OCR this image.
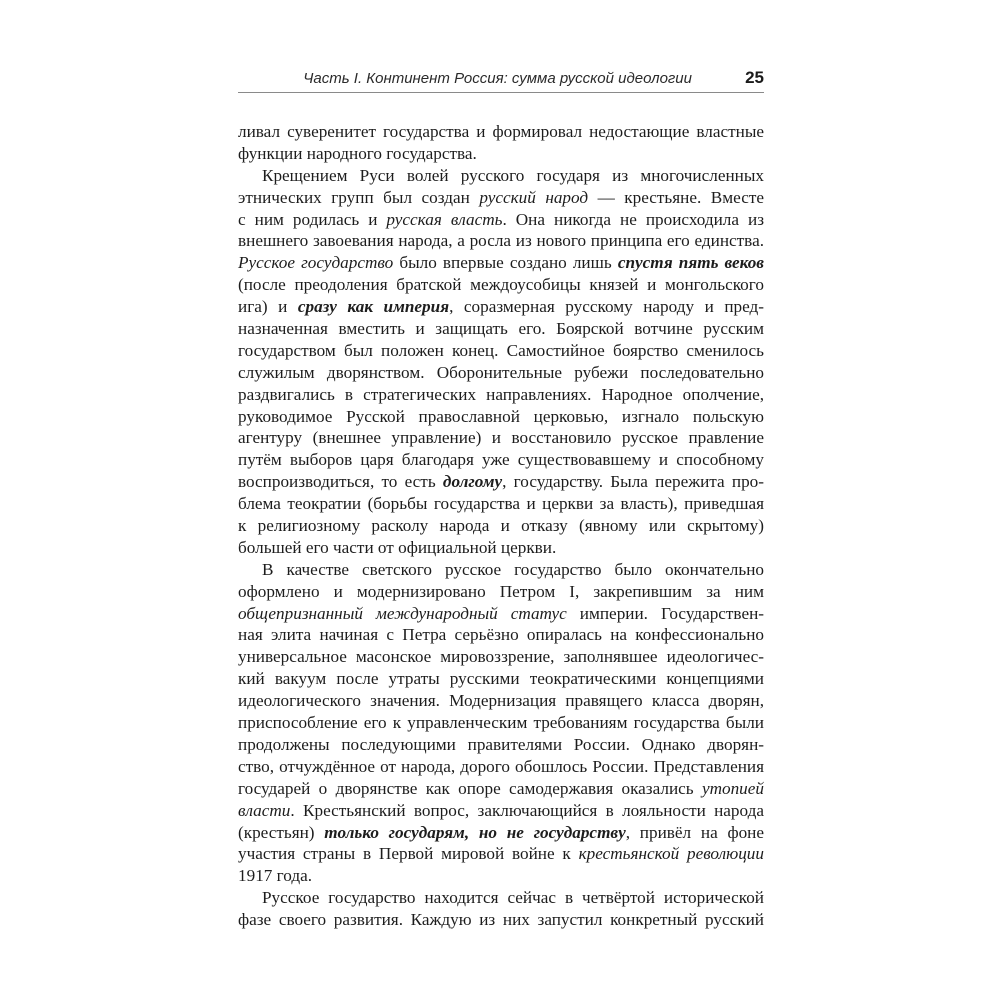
Часть I. Континент Россия: сумма русской идеологии	25
ливал суверенитет государства и формировал недостающие властные
функции народного государства.
Крещением Руси волей русского государя из многочисленных
этнических групп был создан русский народ — крестьяне. Вместе
с ним родилась и русская власть. Она никогда не происходила из
внешнего завоевания народа, а росла из нового принципа его единства.
Русское государство было впервые создано лишь спустя пять веков
(после преодоления братской междоусобицы князей и монгольского
ига) и сразу как империя, соразмерная русскому народу и пред-
назначенная вместить и защищать его. Боярской вотчине русским
государством был положен конец. Самостийное боярство сменилось
служилым дворянством. Оборонительные рубежи последовательно
раздвигались в стратегических направлениях. Народное ополчение,
руководимое Русской православной церковью, изгнало польскую
агентуру (внешнее управление) и восстановило русское правление
путём выборов царя благодаря уже существовавшему и способному
воспроизводиться, то есть долгому, государству. Была пережита про-
блема теократии (борьбы государства и церкви за власть), приведшая
к религиозному расколу народа и отказу (явному или скрытому)
большей его части от официальной церкви.
В качестве светского русское государство было окончательно
оформлено и модернизировано Петром I, закрепившим за ним
общепризнанный международный статус империи. Государствен-
ная элита начиная с Петра серьёзно опиралась на конфессионально
универсальное масонское мировоззрение, заполнявшее идеологичес-
кий вакуум после утраты русскими теократическими концепциями
идеологического значения. Модернизация правящего класса дворян,
приспособление его к управленческим требованиям государства были
продолжены последующими правителями России. Однако дворян-
ство, отчуждённое от народа, дорого обошлось России. Представления
государей о дворянстве как опоре самодержавия оказались утопией
власти. Крестьянский вопрос, заключающийся в лояльности народа
(крестьян) только государям, но не государству, привёл на фоне
участия страны в Первой мировой войне к крестьянской революции
1917 года.
Русское государство находится сейчас в четвёртой исторической
фазе своего развития. Каждую из них запустил конкретный русский
